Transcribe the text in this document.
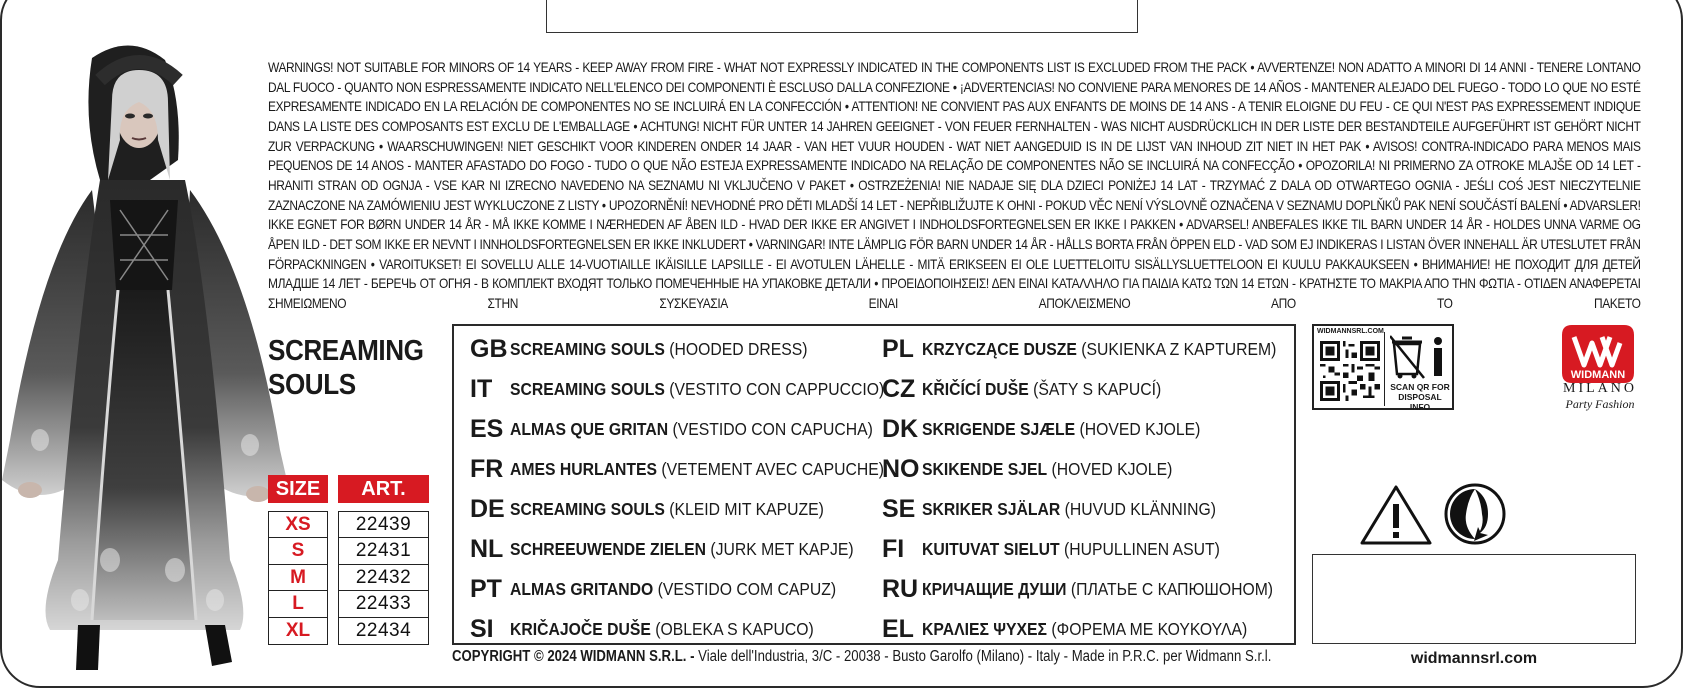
WARNINGS! NOT SUITABLE FOR MINORS OF 14 YEARS - KEEP AWAY FROM FIRE - WHAT NOT EXPRESSLY INDICATED IN THE COMPONENTS LIST IS EXCLUDED FROM THE PACK • AVVERTENZE! NON ADATTO A MINORI DI 14 ANNI - TENERE LONTANO DAL FUOCO - QUANTO NON ESPRESSAMENTE INDICATO NELL'ELENCO DEI COMPONENTI È ESCLUSO DALLA CONFEZIONE • ¡ADVERTENCIAS! NO CONVIENE PARA MENORES DE 14 AÑOS - MANTENER ALEJADO DEL FUEGO - TODO LO QUE NO ESTÉ EXPRESAMENTE INDICADO EN LA RELACIÓN DE COMPONENTES NO SE INCLUIRÁ EN LA CONFECCIÓN • ATTENTION! NE CONVIENT PAS AUX ENFANTS DE MOINS DE 14 ANS - A TENIR ELOIGNE DU FEU - CE QUI N'EST PAS EXPRESSEMENT INDIQUE DANS LA LISTE DES COMPOSANTS EST EXCLU DE L'EMBALLAGE • ACHTUNG! NICHT FÜR UNTER 14 JAHREN GEEIGNET - VON FEUER FERNHALTEN - WAS NICHT AUSDRÜCKLICH IN DER LISTE DER BESTANDTEILE AUFGEFÜHRT IST GEHÖRT NICHT ZUR VERPACKUNG • WAARSCHUWINGEN! NIET GESCHIKT VOOR KINDEREN ONDER 14 JAAR - VAN HET VUUR HOUDEN - WAT NIET AANGEDUID IS IN DE LIJST VAN INHOUD ZIT NIET IN HET PAK • AVISOS! CONTRA-INDICADO PARA MENOS MAIS PEQUENOS DE 14 ANOS - MANTER AFASTADO DO FOGO - TUDO O QUE NÃO ESTEJA EXPRESSAMENTE INDICADO NA RELAÇÃO DE COMPONENTES NÃO SE INCLUIRÁ NA CONFECÇÃO • OPOZORILA! NI PRIMERNO ZA OTROKE MLAJŠE OD 14 LET - HRANITI STRAN OD OGNJA - VSE KAR NI IZRECNO NAVEDENO NA SEZNAMU NI VKLJUČENO V PAKET • OSTRZEŻENIA! NIE NADAJE SIĘ DLA DZIECI PONIŻEJ 14 LAT - TRZYMAĆ Z DALA OD OTWARTEGO OGNIA - JEŚLI COŚ JEST NIECZYTELNIE ZAZNACZONE NA ZAMÓWIENIU JEST WYKLUCZONE Z LISTY • UPOZORNĚNÍ! NEVHODNÉ PRO DĚTI MLADŠÍ 14 LET - NEPŘIBLIŽUJTE K OHNI - POKUD VĚC NENÍ VÝSLOVNĚ OZNAČENA V SEZNAMU DOPLŇKŮ PAK NENÍ SOUČÁSTÍ BALENÍ • ADVARSLER! IKKE EGNET FOR BØRN UNDER 14 ÅR - MÅ IKKE KOMME I NÆRHEDEN AF ÅBEN ILD - HVAD DER IKKE ER ANGIVET I INDHOLDSFORTEGNELSEN ER IKKE I PAKKEN • ADVARSEL! ANBEFALES IKKE TIL BARN UNDER 14 ÅR - HOLDES UNNA VARME OG ÅPEN ILD - DET SOM IKKE ER NEVNT I INNHOLDSFORTEGNELSEN ER IKKE INKLUDERT • VARNINGAR! INTE LÄMPLIG FÖR BARN UNDER 14 ÅR - HÅLLS BORTA FRÅN ÖPPEN ELD - VAD SOM EJ INDIKERAS I LISTAN ÖVER INNEHALL ÄR UTESLUTET FRÅN FÖRPACKNINGEN • VAROITUKSET! EI SOVELLU ALLE 14-VUOTIAILLE IKÄISILLE LAPSILLE - EI AVOTULEN LÄHELLE - MITÄ ERIKSEEN EI OLE LUETTELOITU SISÄLLYSLUETTELOON EI KUULU PAKKAUKSEEN • ВНИМАНИЕ! НЕ ПОХОДИТ ДЛЯ ДЕТЕЙ МЛАДШЕ 14 ЛЕТ - БЕРЕЧЬ ОТ ОГНЯ - В КОМПЛЕКТ ВХОДЯТ ТОЛЬКО ПОМЕЧЕННЫЕ НА УПАКОВКЕ ДЕТАЛИ • ΠΡΟΕΙΔΟΠΟΙΗΣΕΙΣ! ΔΕΝ ΕΙΝΑΙ ΚΑΤΑΛΛΗΛΟ ΓΙΑ ΠΑΙΔΙΑ ΚΑΤΩ ΤΩΝ 14 ΕΤΩΝ - ΚΡΑΤΗΣΤΕ ΤΟ ΜΑΚΡΙΑ ΑΠΟ ΤΗΝ ΦΩΤΙΑ - ΟΤΙΔΕΝ ΑΝΑΦΕΡΕΤΑΙ ΣΗΜΕΙΩΜΕΝΟ ΣΤΗΝ ΣΥΣΚΕΥΑΣΙΑ ΕΙΝΑΙ ΑΠΟΚΛΕΙΣΜΕΝΟ ΑΠΟ ΤΟ ΠΑΚΕΤΟ
SCREAMING
SOULS
SIZE	ART.
XS
S
M
L
XL
22439
22431
22432
22433
22434
GB SCREAMING SOULS (HOODED DRESS)
IT SCREAMING SOULS (VESTITO CON CAPPUCCIO)
ES ALMAS QUE GRITAN (VESTIDO CON CAPUCHA)
FR AMES HURLANTES (VETEMENT AVEC CAPUCHE)
DE SCREAMING SOULS (KLEID MIT KAPUZE)
NL SCHREEUWENDE ZIELEN (JURK MET KAPJE)
PT ALMAS GRITANDO (VESTIDO COM CAPUZ)
SI KRIČAJOČE DUŠE (OBLEKA S KAPUCO)
PL KRZYCZĄCE DUSZE (SUKIENKA Z KAPTUREM)
CZ KŘIČÍCÍ DUŠE (ŠATY S KAPUCÍ)
DK SKRIGENDE SJÆLE (HOVED KJOLE)
NO SKIKENDE SJEL (HOVED KJOLE)
SE SKRIKER SJÄLAR (HUVUD KLÄNNING)
FI KUITUVAT SIELUT (HUPULLINEN ASUT)
RU КРИЧАЩИЕ ДУШИ (ПЛАТЬЕ С КАПЮШОНОМ)
EL ΚΡΑΛΙΕΣ ΨΥΧΕΣ (ΦΟΡΕΜΑ ΜΕ ΚΟΥΚΟΥΛΑ)
COPYRIGHT © 2024 WIDMANN S.R.L. - Viale dell'Industria, 3/C - 20038 - Busto Garolfo (Milano) - Italy - Made in P.R.C. per Widmann S.r.l.
WIDMANNSRL.COM
SCAN QR FOR DISPOSAL INFO
WIDMANN
MILANO
Party Fashion
widmannsrl.com
